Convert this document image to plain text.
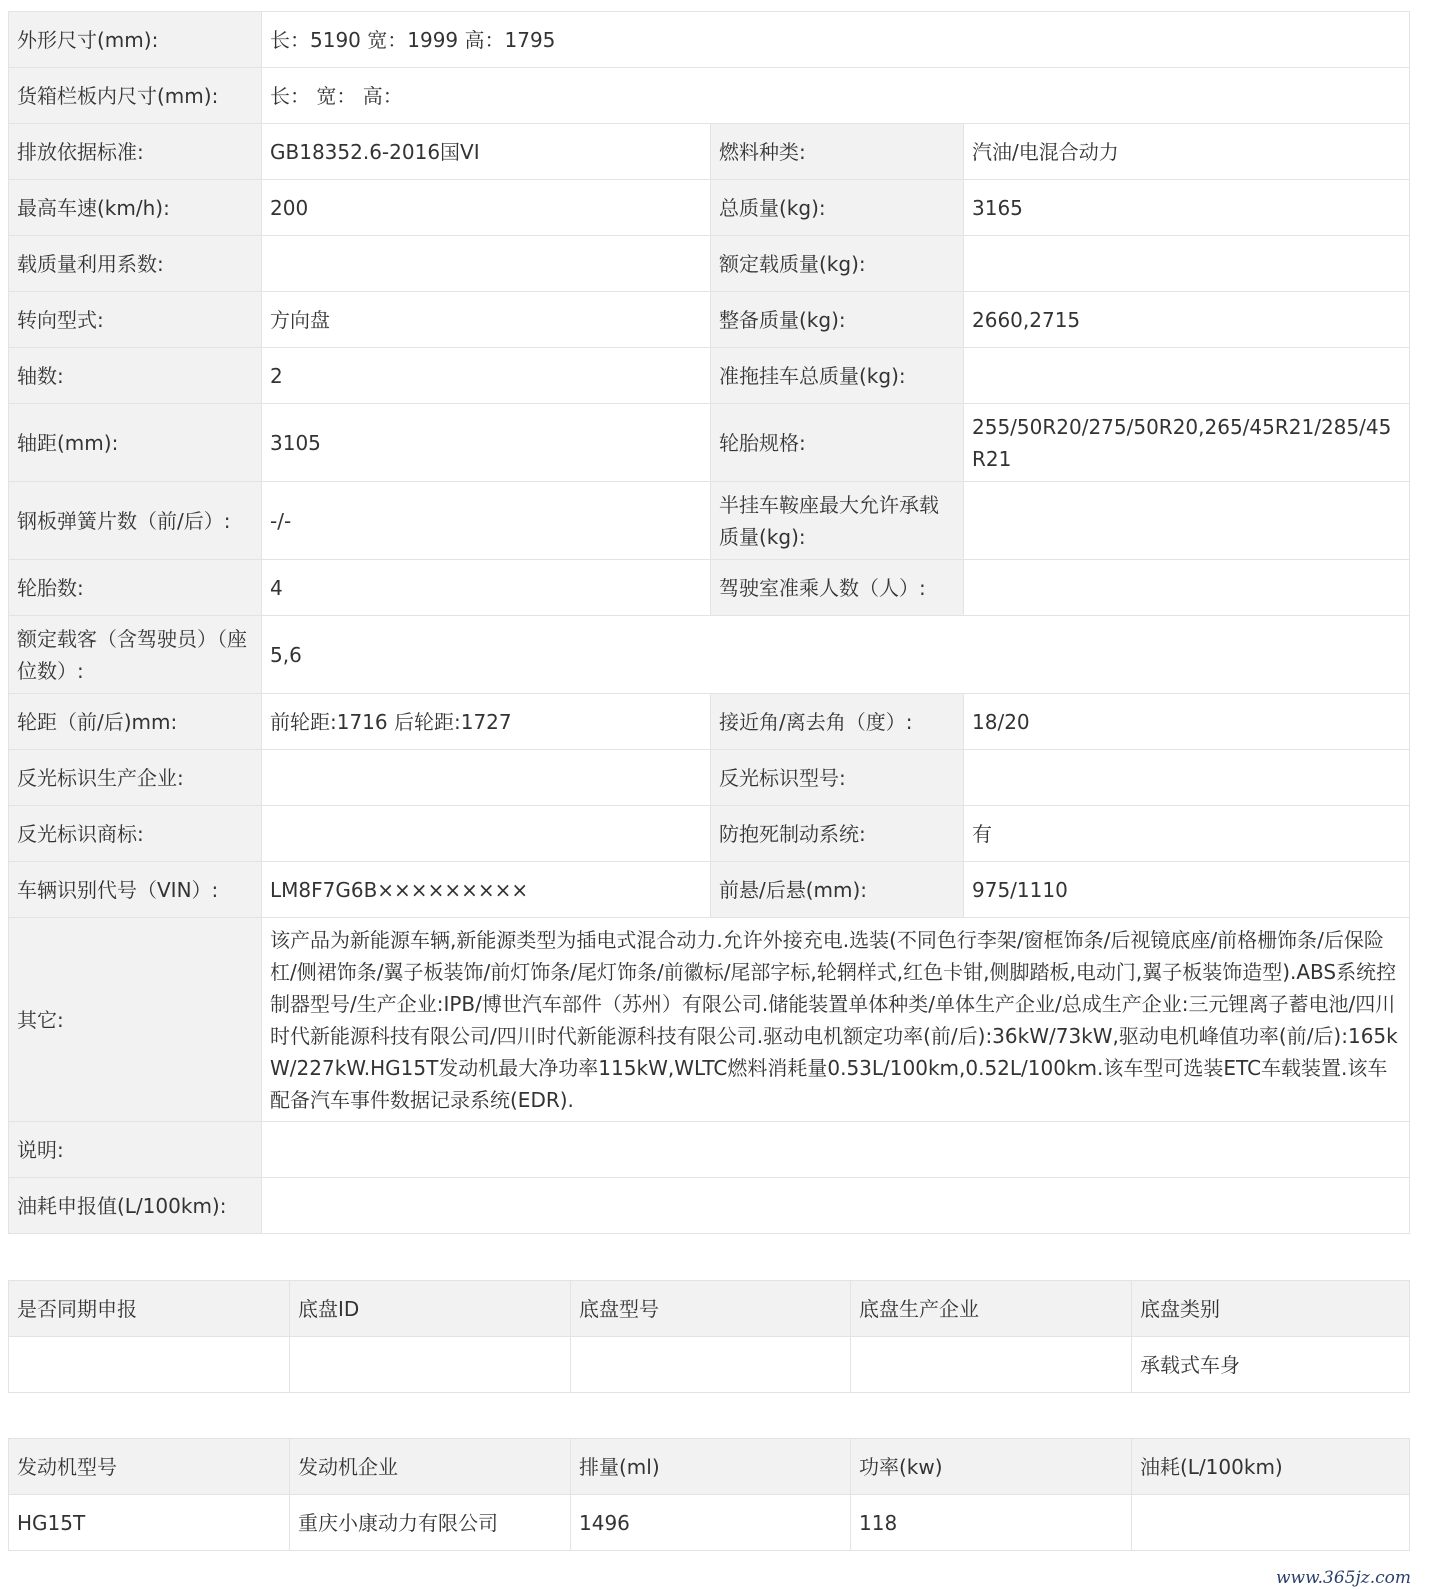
外形尺寸(mm):	长：5190 宽：1999 高：1795		
货箱栏板内尺寸(mm):	长： 宽： 高：		
排放依据标准:	GB18352.6-2016国VI	燃料种类:	汽油/电混合动力
最高车速(km/h):	200	总质量(kg):	3165
载质量利用系数:		额定载质量(kg):	
转向型式:	方向盘	整备质量(kg):	2660,2715
轴数:	2	准拖挂车总质量(kg):	
轴距(mm):	3105	轮胎规格:	255/50R20/275/50R20,265/45R21/285/45R21
钢板弹簧片数（前/后）:	-/-	半挂车鞍座最大允许承载质量(kg):	
轮胎数:	4	驾驶室准乘人数（人）:	
额定载客（含驾驶员）（座位数）:	5,6		
轮距（前/后)mm:	前轮距:1716 后轮距:1727	接近角/离去角（度）:	18/20
反光标识生产企业:		反光标识型号:	
反光标识商标:		防抱死制动系统:	有
车辆识别代号（VIN）:	LM8F7G6B×××××××××	前悬/后悬(mm):	975/1110
其它:	该产品为新能源车辆,新能源类型为插电式混合动力.允许外接充电.选装(不同色行李架/窗框饰条/后视镜底座/前格栅饰条/后保险杠/侧裙饰条/翼子板装饰/前灯饰条/尾灯饰条/前徽标/尾部字标,轮辋样式,红色卡钳,侧脚踏板,电动门,翼子板装饰造型).ABS系统控制器型号/生产企业:IPB/博世汽车部件（苏州）有限公司.储能装置单体种类/单体生产企业/总成生产企业:三元锂离子蓄电池/四川时代新能源科技有限公司/四川时代新能源科技有限公司.驱动电机额定功率(前/后):36kW/73kW,驱动电机峰值功率(前/后):165kW/227kW.HG15T发动机最大净功率115kW,WLTC燃料消耗量0.53L/100km,0.52L/100km.该车型可选装ETC车载装置.该车配备汽车事件数据记录系统(EDR).		
说明:			
油耗申报值(L/100km):			
是否同期申报	底盘ID	底盘型号	底盘生产企业	底盘类别
				承载式车身
发动机型号	发动机企业	排量(ml)	功率(kw)	油耗(L/100km)
HG15T	重庆小康动力有限公司	1496	118	
www.365jz.com
